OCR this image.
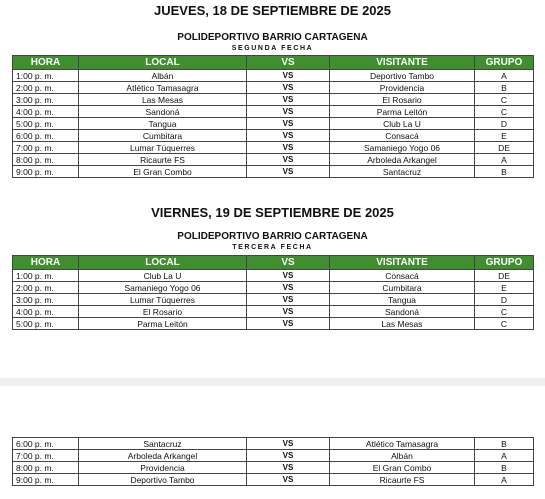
JUEVES, 18 DE SEPTIEMBRE DE 2025
POLIDEPORTIVO BARRIO CARTAGENA
SEGUNDA FECHA
HORA	LOCAL	VS	VISITANTE	GRUPO
1:00 p. m.	Albán	VS	Deportivo Tambo	A
2:00 p. m.	Atlético Tamasagra	VS	Providencia	B
3:00 p. m.	Las Mesas	VS	El Rosario	C
4:00 p. m.	Sandoná	VS	Parma Leitón	C
5:00 p. m.	Tangua	VS	Club La U	D
6:00 p. m.	Cumbitara	VS	Consacá	E
7:00 p. m.	Lumar Túquerres	VS	Samaniego Yogo 06	DE
8:00 p. m.	Ricaurte FS	VS	Arboleda Arkangel	A
9:00 p. m.	El Gran Combo	VS	Santacruz	B
VIERNES, 19 DE SEPTIEMBRE DE 2025
POLIDEPORTIVO BARRIO CARTAGENA
TERCERA FECHA
HORA	LOCAL	VS	VISITANTE	GRUPO
1:00 p. m.	Club La U	VS	Consacá	DE
2:00 p. m.	Samaniego Yogo 06	VS	Cumbitara	E
3:00 p. m.	Lumar Túquerres	VS	Tangua	D
4:00 p. m.	El Rosario	VS	Sandoná	C
5:00 p. m.	Parma Leitón	VS	Las Mesas	C
6:00 p. m.	Santacruz	VS	Atlético Tamasagra	B
7:00 p. m.	Arboleda Arkangel	VS	Albán	A
8:00 p. m.	Providencia	VS	El Gran Combo	B
9:00 p. m.	Deportivo Tambo	VS	Ricaurte FS	A
